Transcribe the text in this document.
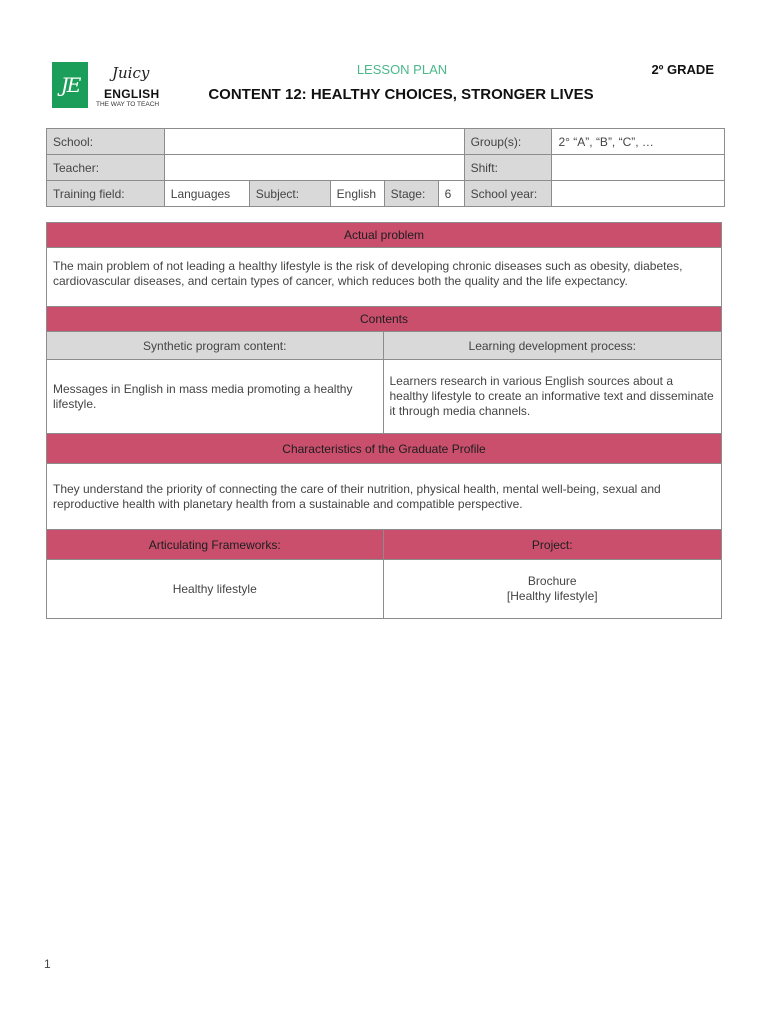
JE	Juicy
ENGLISH
THE WAY TO TEACH
LESSON PLAN	2º GRADE
CONTENT 12: HEALTHY CHOICES, STRONGER LIVES
School:						Group(s):	2° “A”, “B”, “C”, …
Teacher:						Shift:	
Training field:	Languages	Subject:	English	Stage:	6	School year:	
Actual problem	
The main problem of not leading a healthy lifestyle is the risk of developing chronic diseases such as obesity, diabetes, cardiovascular diseases, and certain types of cancer, which reduces both the quality and the life expectancy.	
Contents	
Synthetic program content:	Learning development process:
Messages in English in mass media promoting a healthy lifestyle.	Learners research in various English sources about a healthy lifestyle to create an informative text and disseminate it through media channels.
Characteristics of the Graduate Profile	
They understand the priority of connecting the care of their nutrition, physical health, mental well-being, sexual and reproductive health with planetary health from a sustainable and compatible perspective.	
Articulating Frameworks:	Project:
Healthy lifestyle	Brochure
[Healthy lifestyle]
1
